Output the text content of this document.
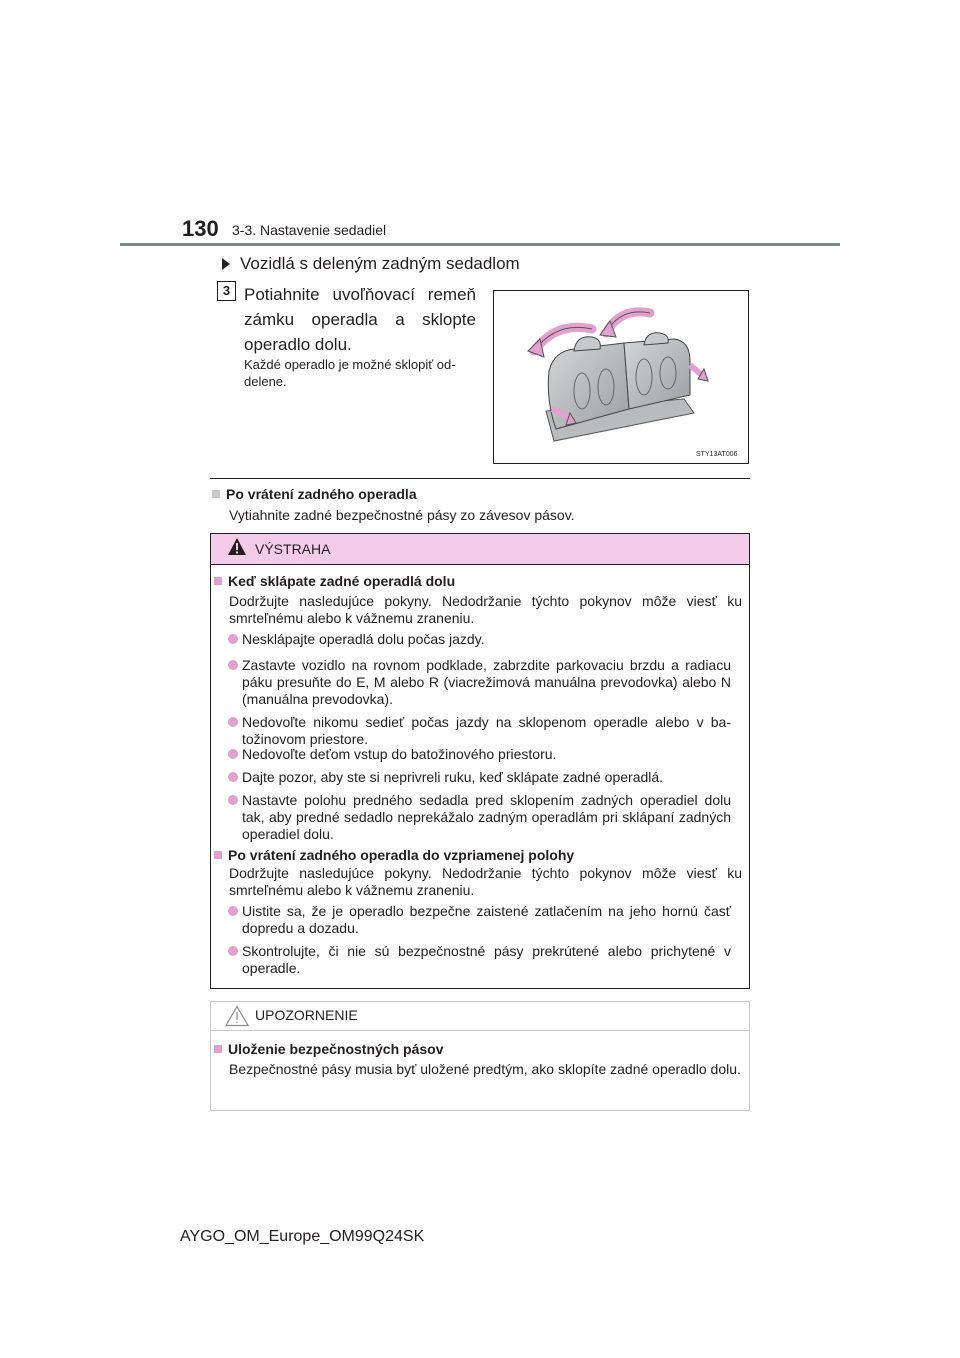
130 3-3. Nastavenie sedadiel
Vozidlá s deleným zadným sedadlom
3 Potiahnite uvoľňovací remeň zámku operadla a sklopte operadlo dolu.
Každé operadlo je možné sklopiť oddelene.
STY13AT006
Po vrátení zadného operadla
Vytiahnite zadné bezpečnostné pásy zo závesov pásov.
VÝSTRAHA
Keď sklápate zadné operadlá dolu
Dodržujte nasledujúce pokyny. Nedodržanie týchto pokynov môže viesť ku smrteľnému alebo k vážnemu zraneniu.
Nesklápajte operadlá dolu počas jazdy.
Zastavte vozidlo na rovnom podklade, zabrzdite parkovaciu brzdu a radiacu páku presuňte do E, M alebo R (viacrežimová manuálna prevodovka) alebo N (manuálna prevodovka).
Nedovoľte nikomu sedieť počas jazdy na sklopenom operadle alebo v batožinovom priestore.
Nedovoľte deťom vstup do batožinového priestoru.
Dajte pozor, aby ste si neprivreli ruku, keď sklápate zadné operadlá.
Nastavte polohu predného sedadla pred sklopením zadných operadiel dolu tak, aby predné sedadlo neprekážalo zadným operadlám pri sklápaní zadných operadiel dolu.
Po vrátení zadného operadla do vzpriamenej polohy
Dodržujte nasledujúce pokyny. Nedodržanie týchto pokynov môže viesť ku smrteľnému alebo k vážnemu zraneniu.
Uistite sa, že je operadlo bezpečne zaistené zatlačením na jeho hornú časť dopredu a dozadu.
Skontrolujte, či nie sú bezpečnostné pásy prekrútené alebo prichytené v operadle.
UPOZORNENIE
Uloženie bezpečnostných pásov
Bezpečnostné pásy musia byť uložené predtým, ako sklopíte zadné operadlo dolu.
AYGO_OM_Europe_OM99Q24SK
